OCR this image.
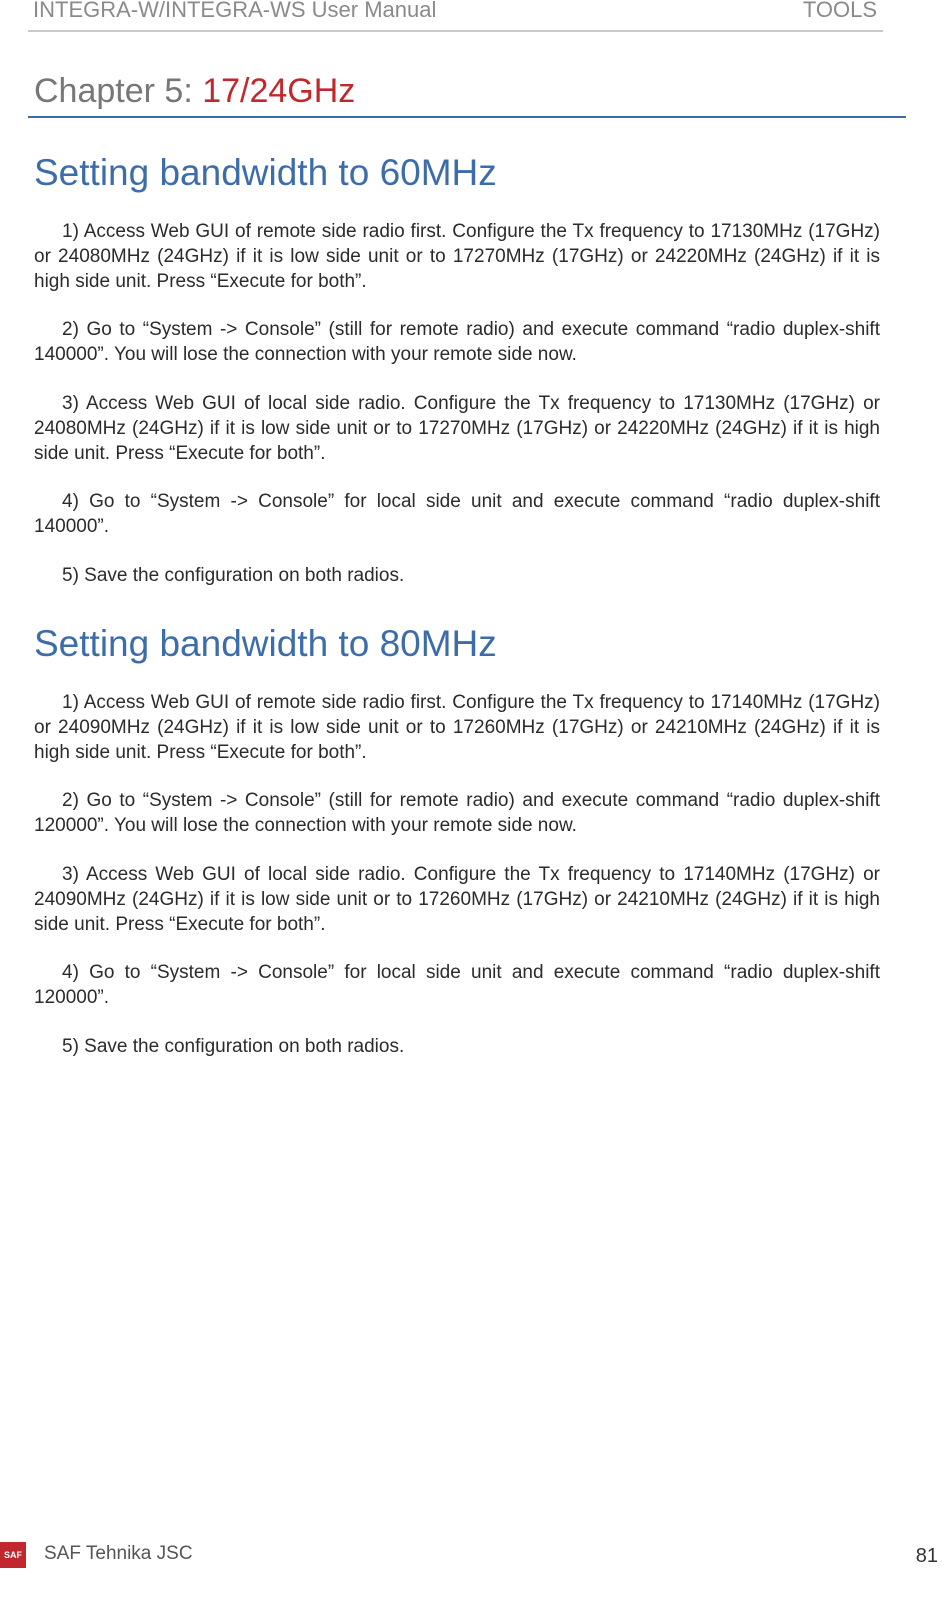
INTEGRA-W/INTEGRA-WS User Manual	TOOLS
Chapter 5: 17/24GHz
Setting bandwidth to 60MHz

1) Access Web GUI of remote side radio first. Configure the Tx frequency to 17130MHz (17GHz) or 24080MHz (24GHz) if it is low side unit or to 17270MHz (17GHz) or 24220MHz (24GHz) if it is high side unit. Press “Execute for both”.

2) Go to “System -> Console” (still for remote radio) and execute command “radio duplex-shift 140000”. You will lose the connection with your remote side now.

3) Access Web GUI of local side radio. Configure the Tx frequency to 17130MHz (17GHz) or 24080MHz (24GHz) if it is low side unit or to 17270MHz (17GHz) or 24220MHz (24GHz) if it is high side unit. Press “Execute for both”.

4) Go to “System -> Console” for local side unit and execute command “radio duplex-shift 140000”.

5) Save the configuration on both radios.

Setting bandwidth to 80MHz

1) Access Web GUI of remote side radio first. Configure the Tx frequency to 17140MHz (17GHz) or 24090MHz (24GHz) if it is low side unit or to 17260MHz (17GHz) or 24210MHz (24GHz) if it is high side unit. Press “Execute for both”.

2) Go to “System -> Console” (still for remote radio) and execute command “radio duplex-shift 120000”. You will lose the connection with your remote side now.

3) Access Web GUI of local side radio. Configure the Tx frequency to 17140MHz (17GHz) or 24090MHz (24GHz) if it is low side unit or to 17260MHz (17GHz) or 24210MHz (24GHz) if it is high side unit. Press “Execute for both”.

4) Go to “System -> Console” for local side unit and execute command “radio duplex-shift 120000”.

5) Save the configuration on both radios.

SAF SAF Tehnika JSC	81
